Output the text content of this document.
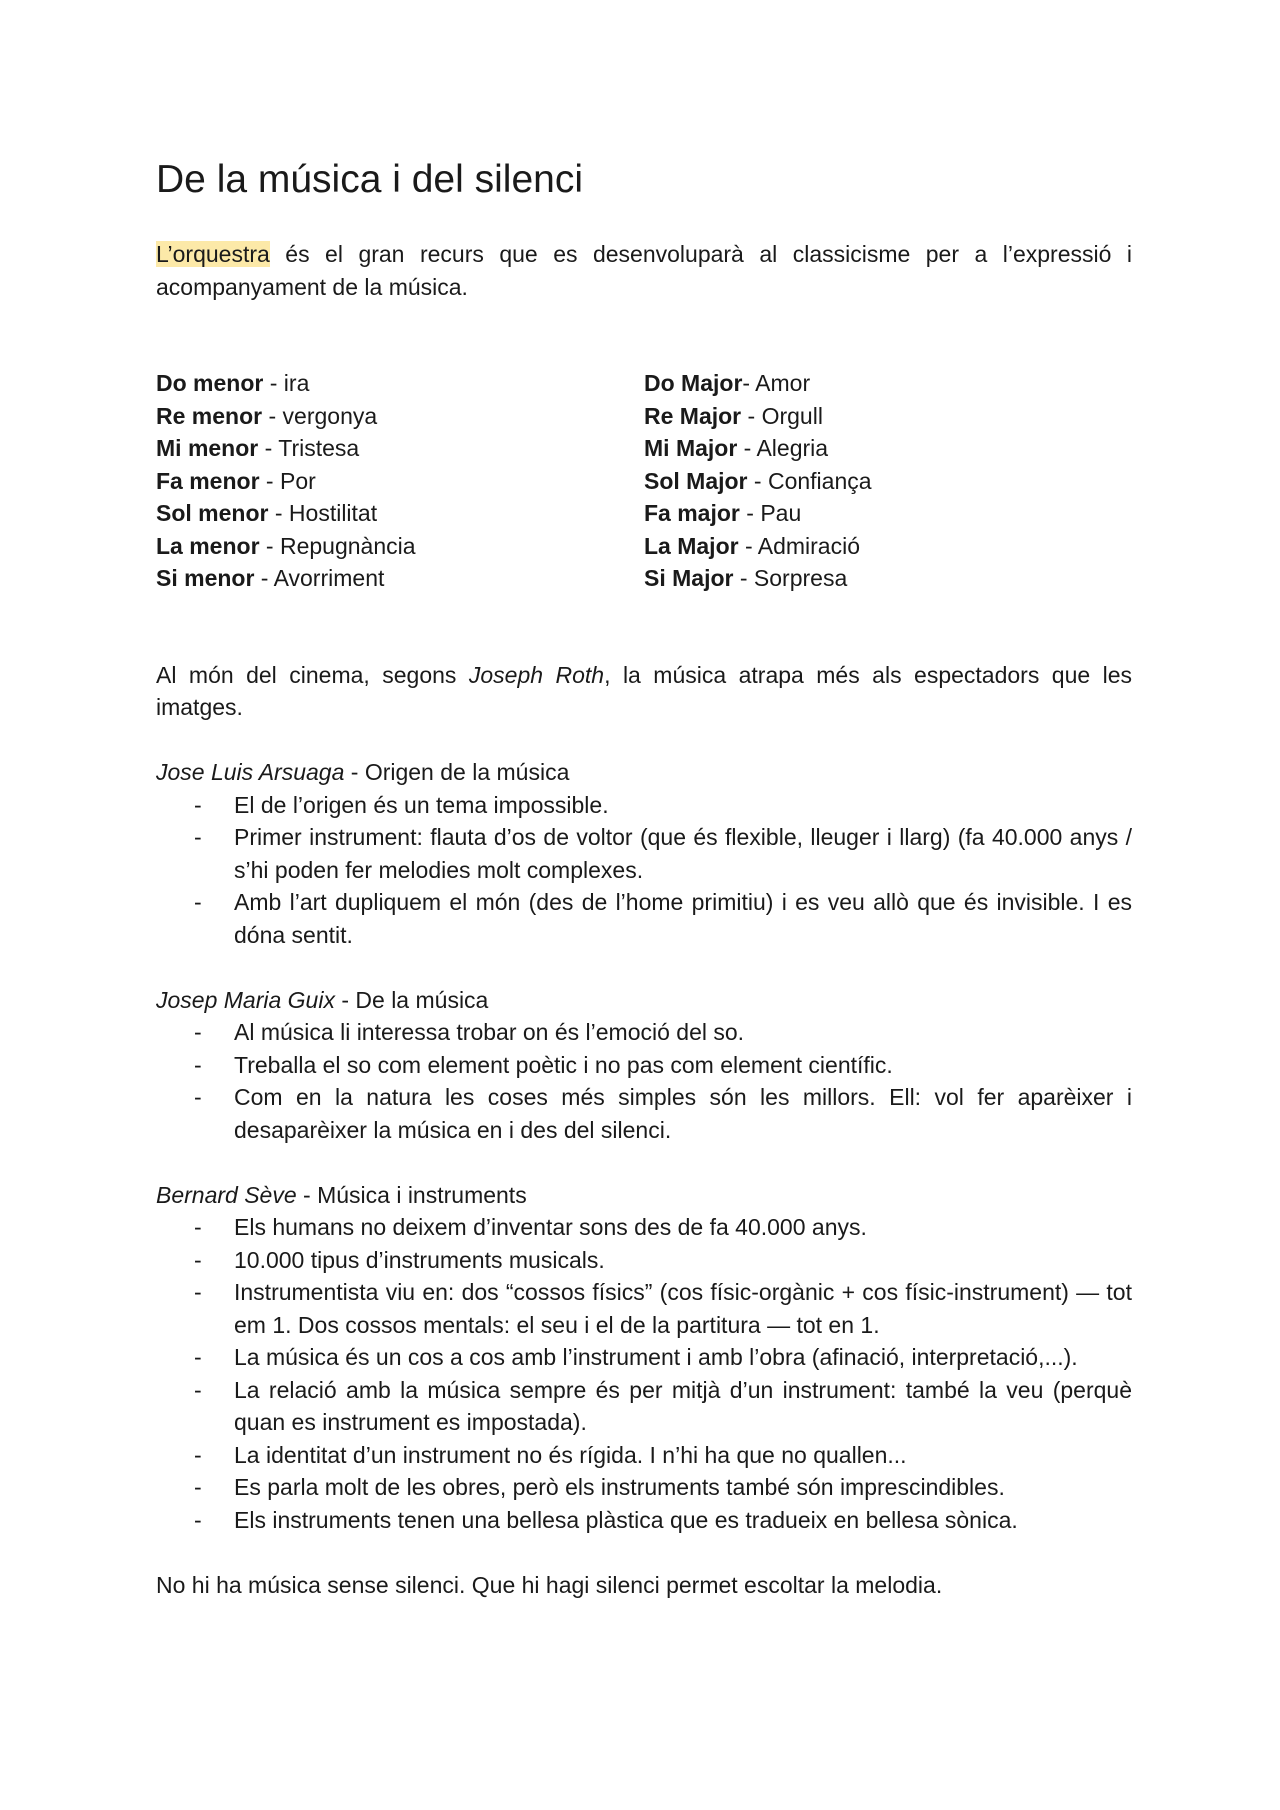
De la música i del silenci

L’orquestra és el gran recurs que es desenvoluparà al classicisme per a l’expressió i acompanyament de la música.

Do menor - ira
Re menor - vergonya
Mi menor - Tristesa
Fa menor - Por
Sol menor - Hostilitat
La menor - Repugnància
Si menor - Avorriment
Do Major- Amor
Re Major - Orgull
Mi Major - Alegria
Sol Major - Confiança
Fa major - Pau
La Major - Admiració
Si Major - Sorpresa

Al món del cinema, segons Joseph Roth, la música atrapa més als espectadors que les imatges.

Jose Luis Arsuaga - Origen de la música
- El de l’origen és un tema impossible.
- Primer instrument: flauta d’os de voltor (que és flexible, lleuger i llarg) (fa 40.000 anys / s’hi poden fer melodies molt complexes.
- Amb l’art dupliquem el món (des de l’home primitiu) i es veu allò que és invisible. I es dóna sentit.
Josep Maria Guix - De la música
- Al música li interessa trobar on és l’emoció del so.
- Treballa el so com element poètic i no pas com element científic.
- Com en la natura les coses més simples són les millors. Ell: vol fer aparèixer i desaparèixer la música en i des del silenci.
Bernard Sève - Música i instruments
- Els humans no deixem d’inventar sons des de fa 40.000 anys.
- 10.000 tipus d’instruments musicals.
- Instrumentista viu en: dos “cossos físics” (cos físic-orgànic + cos físic-instrument) — tot em 1. Dos cossos mentals: el seu i el de la partitura — tot en 1.
- La música és un cos a cos amb l’instrument i amb l’obra (afinació, interpretació,...).
- La relació amb la música sempre és per mitjà d’un instrument: també la veu (perquè quan es instrument es impostada).
- La identitat d’un instrument no és rígida. I n’hi ha que no quallen...
- Es parla molt de les obres, però els instruments també són imprescindibles.
- Els instruments tenen una bellesa plàstica que es tradueix en bellesa sònica.

No hi ha música sense silenci. Que hi hagi silenci permet escoltar la melodia.
